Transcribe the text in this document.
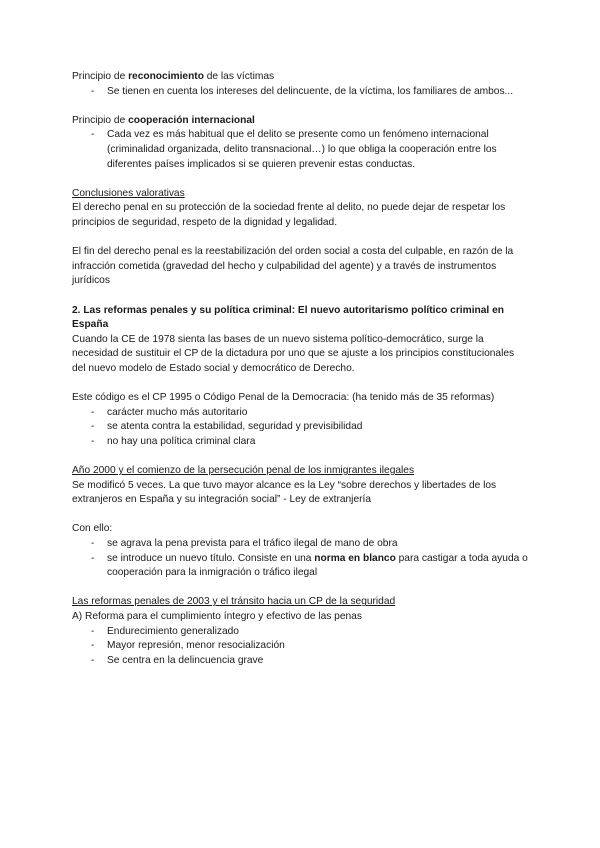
Principio de reconocimiento de las víctimas

- Se tienen en cuenta los intereses del delincuente, de la víctima, los familiares de ambos...

Principio de cooperación internacional

- Cada vez es más habitual que el delito se presente como un fenómeno internacional (criminalidad organizada, delito transnacional…) lo que obliga la cooperación entre los diferentes países implicados si se quieren prevenir estas conductas.

Conclusiones valorativas

El derecho penal en su protección de la sociedad frente al delito, no puede dejar de respetar los principios de seguridad, respeto de la dignidad y legalidad.

El fin del derecho penal es la reestabilización del orden social a costa del culpable, en razón de la infracción cometida (gravedad del hecho y culpabilidad del agente) y a través de instrumentos jurídicos

2. Las reformas penales y su política criminal: El nuevo autoritarismo político criminal en España

Cuando la CE de 1978 sienta las bases de un nuevo sistema político-democrático, surge la necesidad de sustituir el CP de la dictadura por uno que se ajuste a los principios constitucionales del nuevo modelo de Estado social y democrático de Derecho.

Este código es el CP 1995 o Código Penal de la Democracia: (ha tenido más de 35 reformas)

- carácter mucho más autoritario
- se atenta contra la estabilidad, seguridad y previsibilidad
- no hay una política criminal clara

Año 2000 y el comienzo de la persecución penal de los inmigrantes ilegales

Se modificó 5 veces. La que tuvo mayor alcance es la Ley “sobre derechos y libertades de los extranjeros en España y su integración social” - Ley de extranjería

Con ello:

- se agrava la pena prevista para el tráfico ilegal de mano de obra
- se introduce un nuevo título. Consiste en una norma en blanco para castigar a toda ayuda o cooperación para la inmigración o tráfico ilegal

Las reformas penales de 2003 y el tránsito hacia un CP de la seguridad

A) Reforma para el cumplimiento íntegro y efectivo de las penas

- Endurecimiento generalizado
- Mayor represión, menor resocialización
- Se centra en la delincuencia grave
